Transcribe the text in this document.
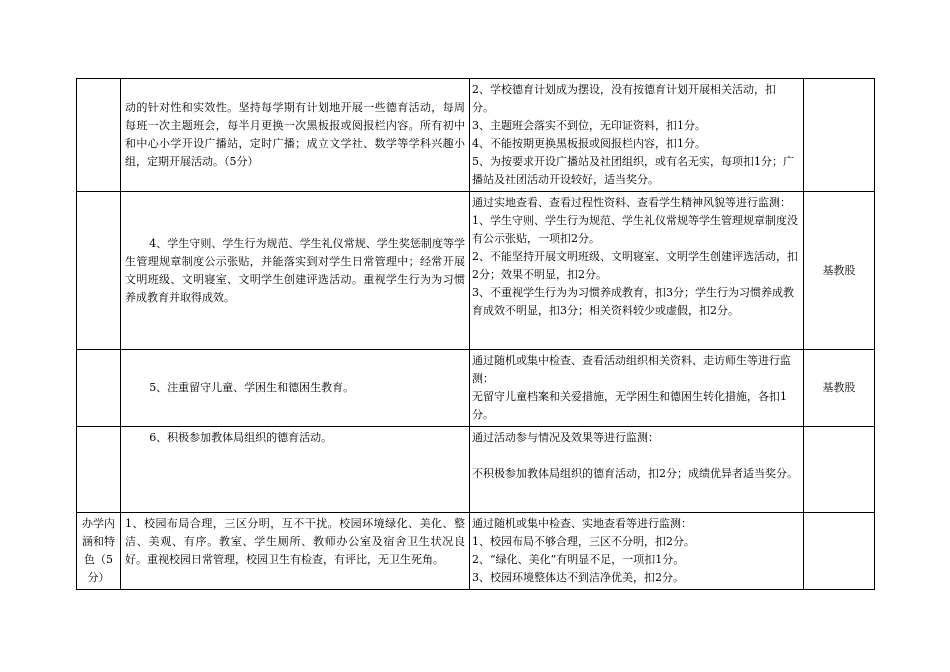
	动的针对性和实效性。坚持每学期有计划地开展一些德育活动，每周每班一次主题班会，每半月更换一次黑板报或阅报栏内容。所有初中和中心小学开设广播站，定时广播；成立文学社、数学等学科兴趣小组，定期开展活动。（5分）	2、学校德育计划成为摆设，没有按德育计划开展相关活动，扣 分。
3、主题班会落实不到位，无印证资料，扣1分。
4、不能按期更换黑板报或阅报栏内容，扣1分。
5、为按要求开设广播站及社团组织，或有名无实，每项扣1分；广播站及社团活动开设较好，适当奖分。	
	4、学生守则、学生行为规范、学生礼仪常规、学生奖惩制度等学生管理规章制度公示张贴，并能落实到对学生日常管理中；经常开展文明班级、文明寝室、文明学生创建评选活动。重视学生行为为习惯养成教育并取得成效。	通过实地查看、查看过程性资料、查看学生精神风貌等进行监测：
1、学生守则、学生行为规范、学生礼仪常规等学生管理规章制度没有公示张贴，一项扣2分。
2、不能坚持开展文明班级、文明寝室、文明学生创建评选活动，扣2分；效果不明显，扣2分。
3、不重视学生行为为习惯养成教育，扣3分；学生行为习惯养成教育成效不明显，扣3分；相关资料较少或虚假，扣2分。	基教股
	5、注重留守儿童、学困生和德困生教育。	通过随机或集中检查、查看活动组织相关资料、走访师生等进行监测：
无留守儿童档案和关爱措施，无学困生和德困生转化措施，各扣1分。	基教股
	6、积极参加教体局组织的德育活动。	通过活动参与情况及效果等进行监测：

不积极参加教体局组织的德育活动，扣2分；成绩优异者适当奖分。	
办学内涵和特色（5分）	1、校园布局合理，三区分明，互不干扰。校园环境绿化、美化、整洁、美观、有序。教室、学生厕所、教师办公室及宿舍卫生状况良好。重视校园日常管理，校园卫生有检查，有评比，无卫生死角。	通过随机或集中检查、实地查看等进行监测：
1、校园布局不够合理，三区不分明，扣2分。
2、“绿化、美化”有明显不足，一项扣1分。
3、校园环境整体达不到洁净优美，扣2分。	
